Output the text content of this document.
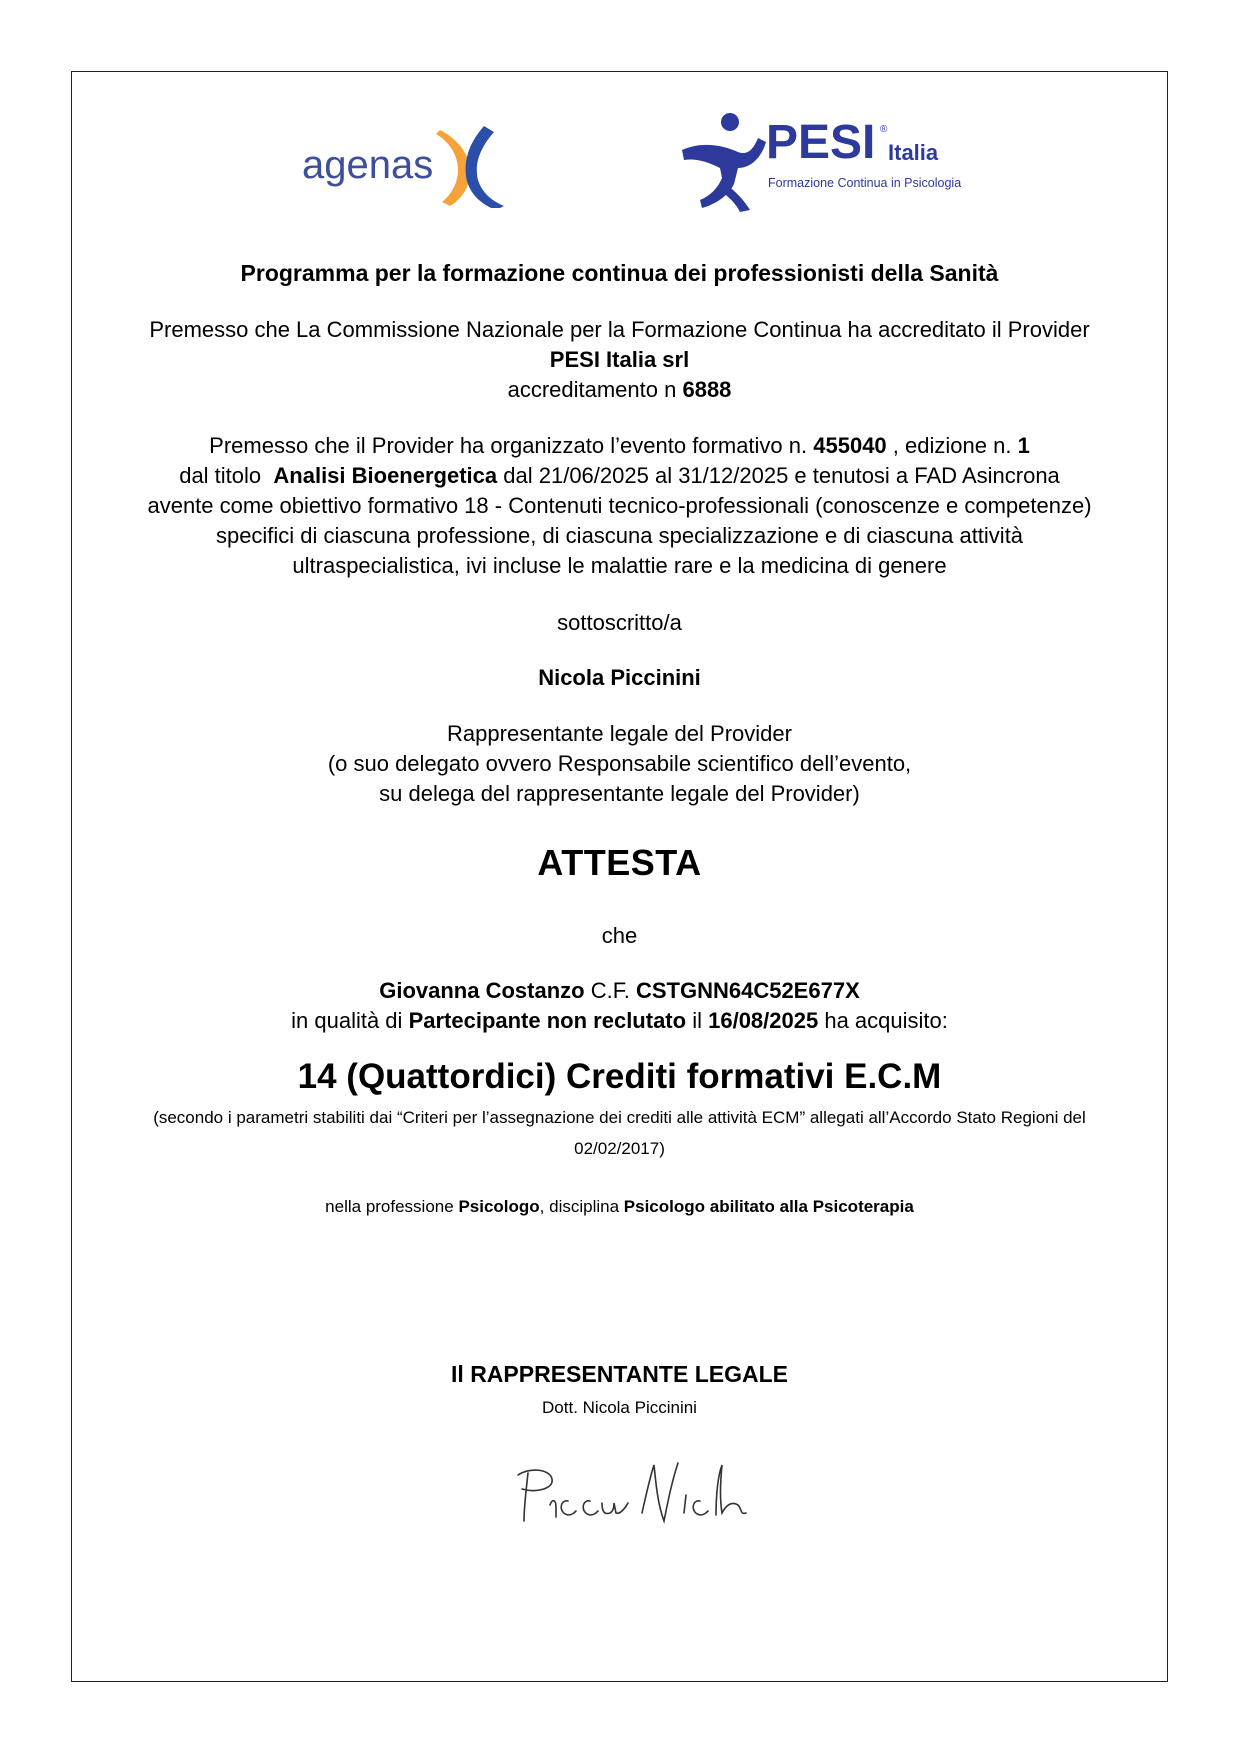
agenas	PESI ®
Italia
Formazione Continua in Psicologia
Programma per la formazione continua dei professionisti della Sanità
Premesso che La Commissione Nazionale per la Formazione Continua ha accreditato il Provider
PESI Italia srl
accreditamento n 6888
Premesso che il Provider ha organizzato l’evento formativo n. 455040 , edizione n. 1
dal titolo Analisi Bioenergetica dal 21/06/2025 al 31/12/2025 e tenutosi a FAD Asincrona
avente come obiettivo formativo 18 - Contenuti tecnico-professionali (conoscenze e competenze)
specifici di ciascuna professione, di ciascuna specializzazione e di ciascuna attività
ultraspecialistica, ivi incluse le malattie rare e la medicina di genere
sottoscritto/a
Nicola Piccinini
Rappresentante legale del Provider
(o suo delegato ovvero Responsabile scientifico dell’evento,
su delega del rappresentante legale del Provider)
ATTESTA
che
Giovanna Costanzo C.F. CSTGNN64C52E677X
in qualità di Partecipante non reclutato il 16/08/2025 ha acquisito:
14 (Quattordici) Crediti formativi E.C.M
(secondo i parametri stabiliti dai “Criteri per l’assegnazione dei crediti alle attività ECM” allegati all’Accordo Stato Regioni del
02/02/2017)
nella professione Psicologo, disciplina Psicologo abilitato alla Psicoterapia
Il RAPPRESENTANTE LEGALE
Dott. Nicola Piccinini
